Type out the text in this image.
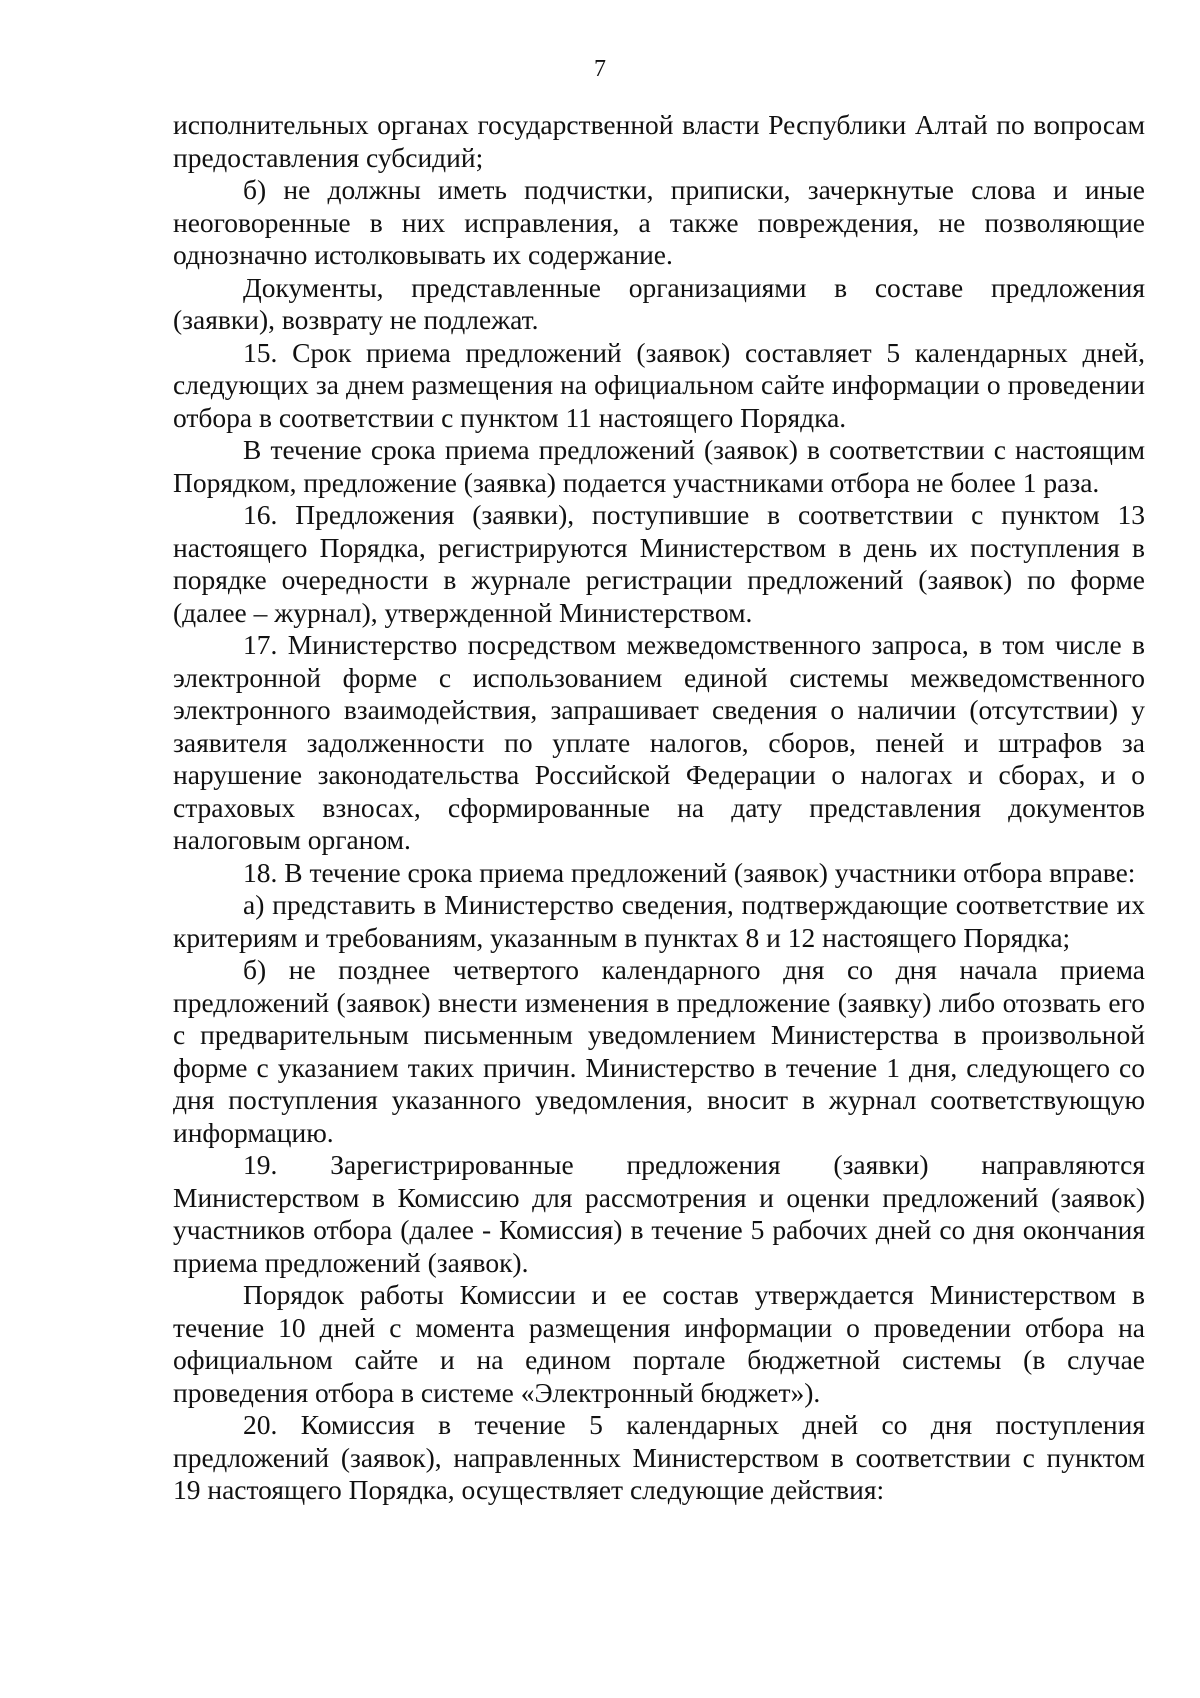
7

исполнительных органах государственной власти Республики Алтай по вопросам предоставления субсидий;

б) не должны иметь подчистки, приписки, зачеркнутые слова и иные неоговоренные в них исправления, а также повреждения, не позволяющие однозначно истолковывать их содержание.

Документы, представленные организациями в составе предложения (заявки), возврату не подлежат.

15. Срок приема предложений (заявок) составляет 5 календарных дней, следующих за днем размещения на официальном сайте информации о проведении отбора в соответствии с пунктом 11 настоящего Порядка.

В течение срока приема предложений (заявок) в соответствии с настоящим Порядком, предложение (заявка) подается участниками отбора не более 1 раза.

16. Предложения (заявки), поступившие в соответствии с пунктом 13 настоящего Порядка, регистрируются Министерством в день их поступления в порядке очередности в журнале регистрации предложений (заявок) по форме (далее – журнал), утвержденной Министерством.

17. Министерство посредством межведомственного запроса, в том числе в электронной форме с использованием единой системы межведомственного электронного взаимодействия, запрашивает сведения о наличии (отсутствии) у заявителя задолженности по уплате налогов, сборов, пеней и штрафов за нарушение законодательства Российской Федерации о налогах и сборах, и о страховых взносах, сформированные на дату представления документов налоговым органом.

18. В течение срока приема предложений (заявок) участники отбора вправе:

а) представить в Министерство сведения, подтверждающие соответствие их критериям и требованиям, указанным в пунктах 8 и 12 настоящего Порядка;

б) не позднее четвертого календарного дня со дня начала приема предложений (заявок) внести изменения в предложение (заявку) либо отозвать его с предварительным письменным уведомлением Министерства в произвольной форме с указанием таких причин. Министерство в течение 1 дня, следующего со дня поступления указанного уведомления, вносит в журнал соответствующую информацию.

19. Зарегистрированные предложения (заявки) направляются Министерством в Комиссию для рассмотрения и оценки предложений (заявок) участников отбора (далее - Комиссия) в течение 5 рабочих дней со дня окончания приема предложений (заявок).

Порядок работы Комиссии и ее состав утверждается Министерством в течение 10 дней с момента размещения информации о проведении отбора на официальном сайте и на едином портале бюджетной системы (в случае проведения отбора в системе «Электронный бюджет»).

20. Комиссия в течение 5 календарных дней со дня поступления предложений (заявок), направленных Министерством в соответствии с пунктом 19 настоящего Порядка, осуществляет следующие действия:
